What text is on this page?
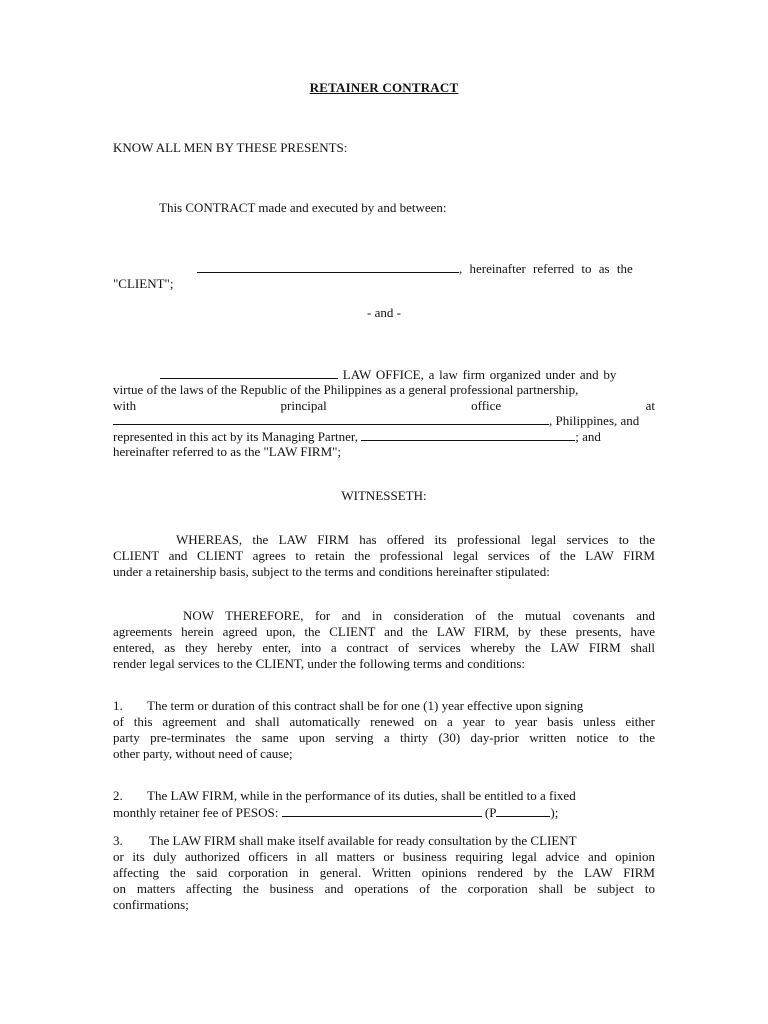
RETAINER CONTRACT
KNOW ALL MEN BY THESE PRESENTS:
This CONTRACT made and executed by and between:
, hereinafter referred to as the
"CLIENT";
- and -
LAW OFFICE, a law firm organized under and by
virtue of the laws of the Republic of the Philippines as a general professional partnership,
with	principal	office	at
, Philippines, and
represented in this act by its Managing Partner,	; and
hereinafter referred to as the "LAW FIRM";
WITNESSETH:
WHEREAS, the LAW FIRM has offered its professional legal services to the
CLIENT and CLIENT agrees to retain the professional legal services of the LAW FIRM
under a retainership basis, subject to the terms and conditions hereinafter stipulated:
NOW THEREFORE, for and in consideration of the mutual covenants and
agreements herein agreed upon, the CLIENT and the LAW FIRM, by these presents, have
entered, as they hereby enter, into a contract of services whereby the LAW FIRM shall
render legal services to the CLIENT, under the following terms and conditions:
1. The term or duration of this contract shall be for one (1) year effective upon signing
of this agreement and shall automatically renewed on a year to year basis unless either
party pre-terminates the same upon serving a thirty (30) day-prior written notice to the
other party, without need of cause;
2. The LAW FIRM, while in the performance of its duties, shall be entitled to a fixed
monthly retainer fee of PESOS:	(P	);
3. The LAW FIRM shall make itself available for ready consultation by the CLIENT
or its duly authorized officers in all matters or business requiring legal advice and opinion
affecting the said corporation in general. Written opinions rendered by the LAW FIRM
on matters affecting the business and operations of the corporation shall be subject to
confirmations;
